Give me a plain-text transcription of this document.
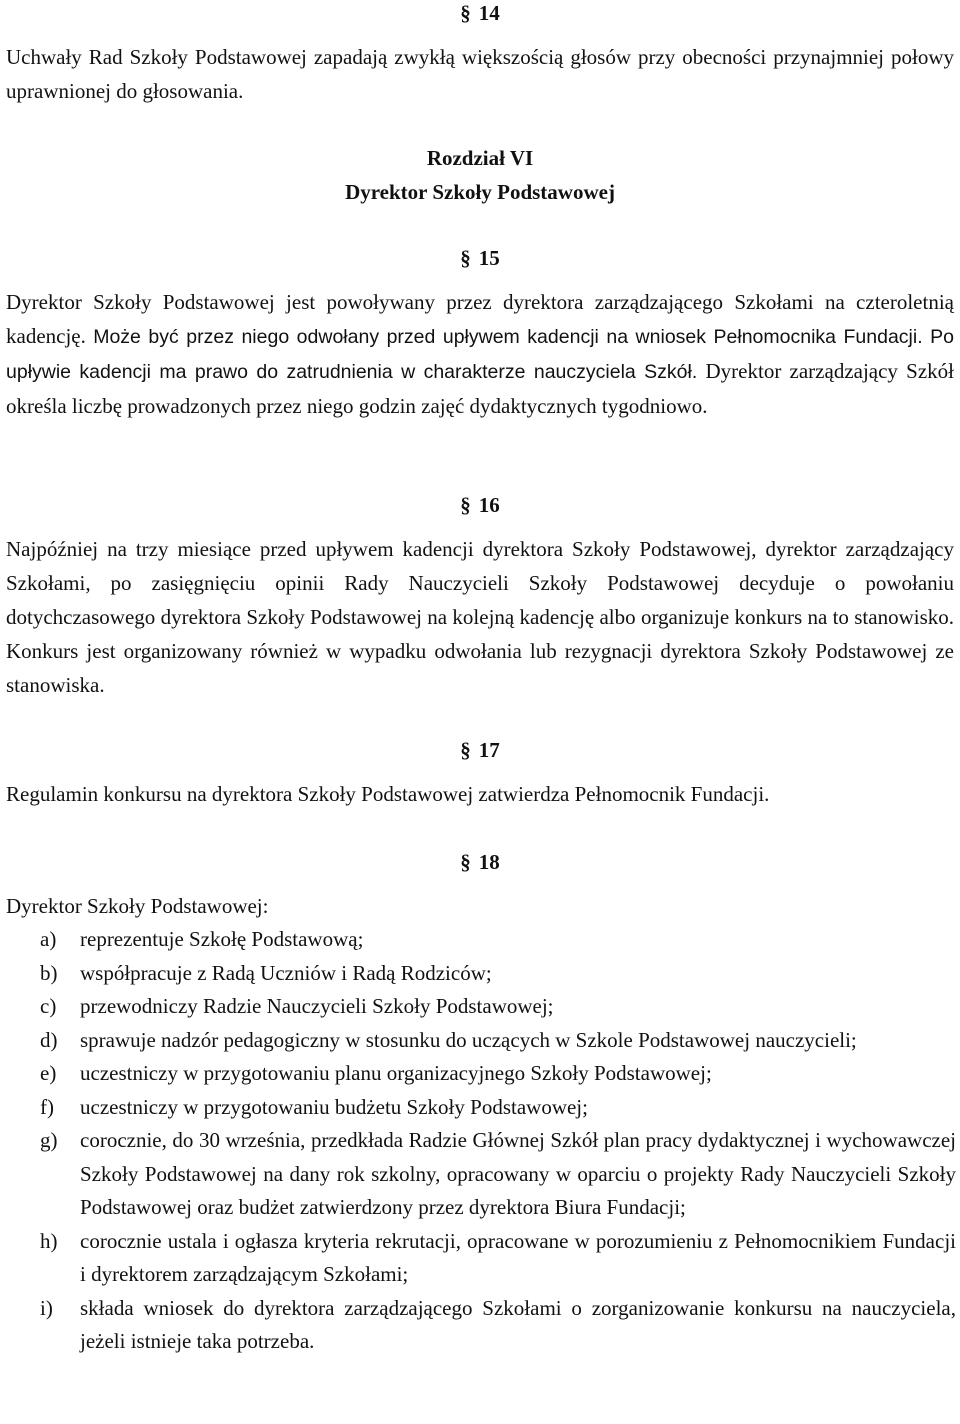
§ 14

Uchwały Rad Szkoły Podstawowej zapadają zwykłą większością głosów przy obecności przynajmniej połowy uprawnionej do głosowania.

Rozdział VI

Dyrektor Szkoły Podstawowej

§ 15

Dyrektor Szkoły Podstawowej jest powoływany przez dyrektora zarządzającego Szkołami na czteroletnią kadencję. Może być przez niego odwołany przed upływem kadencji na wniosek Pełnomocnika Fundacji. Po upływie kadencji ma prawo do zatrudnienia w charakterze nauczyciela Szkół. Dyrektor zarządzający Szkół określa liczbę prowadzonych przez niego godzin zajęć dydaktycznych tygodniowo.

§ 16

Najpóźniej na trzy miesiące przed upływem kadencji dyrektora Szkoły Podstawowej, dyrektor zarządzający Szkołami, po zasięgnięciu opinii Rady Nauczycieli Szkoły Podstawowej decyduje o powołaniu dotychczasowego dyrektora Szkoły Podstawowej na kolejną kadencję albo organizuje konkurs na to stanowisko. Konkurs jest organizowany również w wypadku odwołania lub rezygnacji dyrektora Szkoły Podstawowej ze stanowiska.

§ 17

Regulamin konkursu na dyrektora Szkoły Podstawowej zatwierdza Pełnomocnik Fundacji.

§ 18

Dyrektor Szkoły Podstawowej:

a) reprezentuje Szkołę Podstawową;
b) współpracuje z Radą Uczniów i Radą Rodziców;
c) przewodniczy Radzie Nauczycieli Szkoły Podstawowej;
d) sprawuje nadzór pedagogiczny w stosunku do uczących w Szkole Podstawowej nauczycieli;
e) uczestniczy w przygotowaniu planu organizacyjnego Szkoły Podstawowej;
f) uczestniczy w przygotowaniu budżetu Szkoły Podstawowej;
g) corocznie, do 30 września, przedkłada Radzie Głównej Szkół plan pracy dydaktycznej i wychowawczej Szkoły Podstawowej na dany rok szkolny, opracowany w oparciu o projekty Rady Nauczycieli Szkoły Podstawowej oraz budżet zatwierdzony przez dyrektora Biura Fundacji;
h) corocznie ustala i ogłasza kryteria rekrutacji, opracowane w porozumieniu z Pełnomocnikiem Fundacji i dyrektorem zarządzającym Szkołami;
i) składa wniosek do dyrektora zarządzającego Szkołami o zorganizowanie konkursu na nauczyciela, jeżeli istnieje taka potrzeba.
